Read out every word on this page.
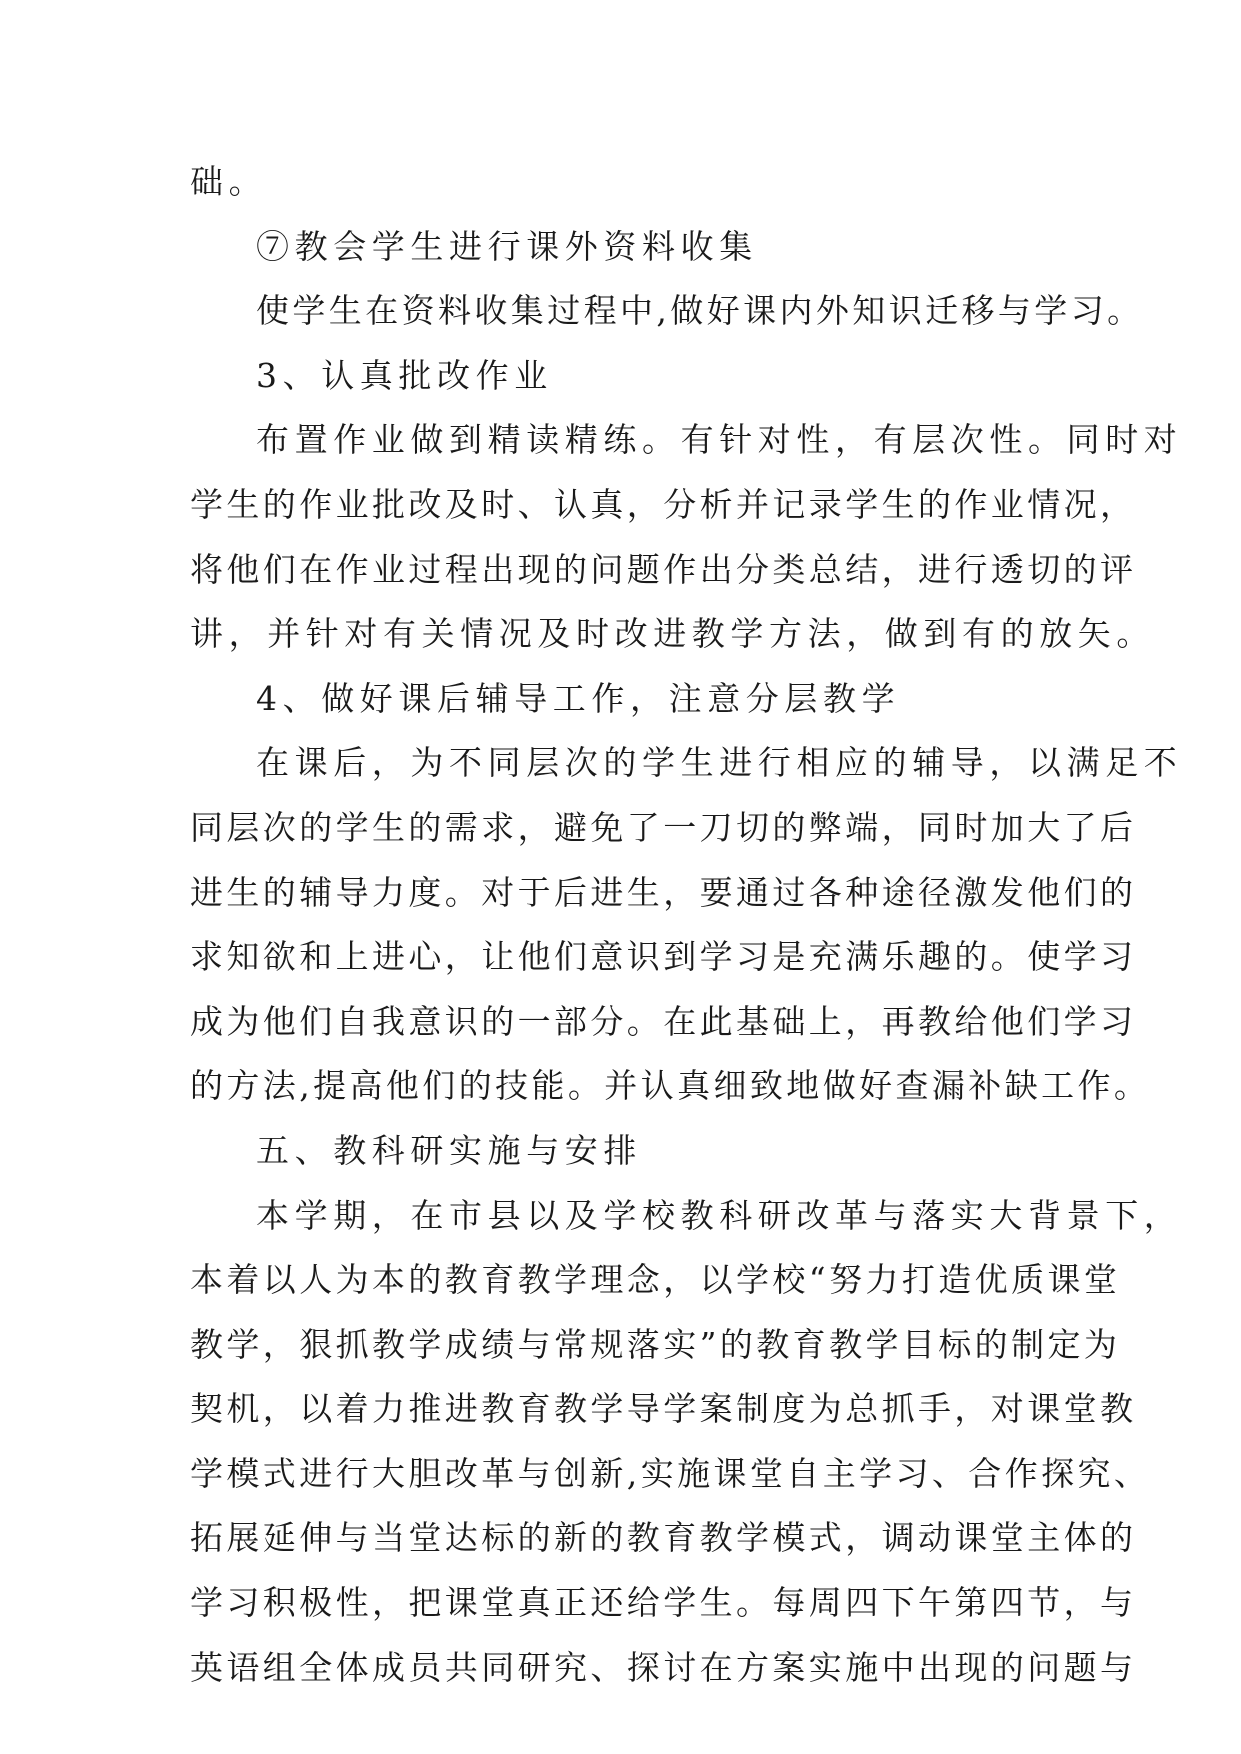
础。
⑦教会学生进行课外资料收集
使学生在资料收集过程中,做好课内外知识迁移与学习。
3、认真批改作业
布置作业做到精读精练。有针对性，有层次性。同时对
学生的作业批改及时、认真，分析并记录学生的作业情况，
将他们在作业过程出现的问题作出分类总结，进行透切的评
讲，并针对有关情况及时改进教学方法，做到有的放矢。
4、做好课后辅导工作，注意分层教学
在课后，为不同层次的学生进行相应的辅导，以满足不
同层次的学生的需求，避免了一刀切的弊端，同时加大了后
进生的辅导力度。对于后进生，要通过各种途径激发他们的
求知欲和上进心，让他们意识到学习是充满乐趣的。使学习
成为他们自我意识的一部分。在此基础上，再教给他们学习
的方法,提高他们的技能。并认真细致地做好查漏补缺工作。
五、教科研实施与安排
本学期，在市县以及学校教科研改革与落实大背景下，
本着以人为本的教育教学理念，以学校“努力打造优质课堂
教学，狠抓教学成绩与常规落实”的教育教学目标的制定为
契机，以着力推进教育教学导学案制度为总抓手，对课堂教
学模式进行大胆改革与创新,实施课堂自主学习、合作探究、
拓展延伸与当堂达标的新的教育教学模式，调动课堂主体的
学习积极性，把课堂真正还给学生。每周四下午第四节，与
英语组全体成员共同研究、探讨在方案实施中出现的问题与
